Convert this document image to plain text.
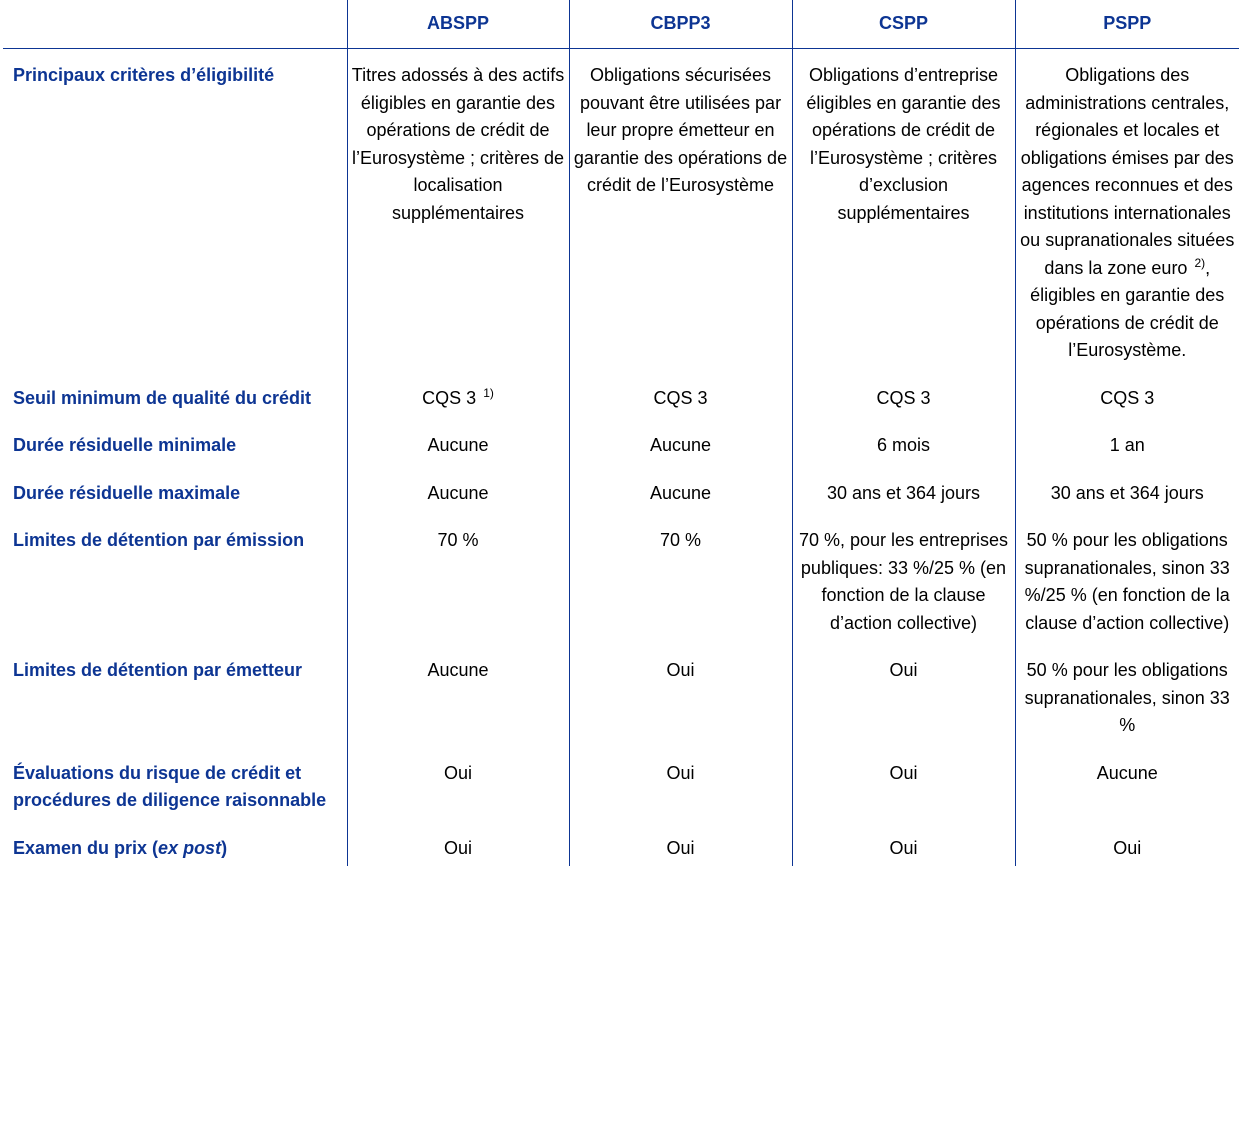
	ABSPP	CBPP3	CSPP	PSPP
Principaux critères d’éligibilité	Titres adossés à des actifs éligibles en garantie des opérations de crédit de l’Eurosystème ; critères de localisation supplémentaires	Obligations sécurisées pouvant être utilisées par leur propre émetteur en garantie des opérations de crédit de l’Eurosystème	Obligations d’entreprise éligibles en garantie des opérations de crédit de l’Eurosystème ; critères d’exclusion supplémentaires	Obligations des administrations centrales, régionales et locales et obligations émises par des agences reconnues et des institutions internationales ou supranationales situées dans la zone euro $^{2)}$, éligibles en garantie des opérations de crédit de l’Eurosystème.
Seuil minimum de qualité du crédit	CQS 3 $^{1)}$	CQS 3	CQS 3	CQS 3
Durée résiduelle minimale	Aucune	Aucune	6 mois	1 an
Durée résiduelle maximale	Aucune	Aucune	30 ans et 364 jours	30 ans et 364 jours
Limites de détention par émission	70 %	70 %	70 %, pour les entreprises publiques: 33 %/25 % (en fonction de la clause d’action collective)	50 % pour les obligations supranationales, sinon 33 %/25 % (en fonction de la clause d’action collective)
Limites de détention par émetteur	Aucune	Oui	Oui	50 % pour les obligations supranationales, sinon 33 %
Évaluations du risque de crédit et procédures de diligence raisonnable	Oui	Oui	Oui	Aucune
Examen du prix (ex post)	Oui	Oui	Oui	Oui
